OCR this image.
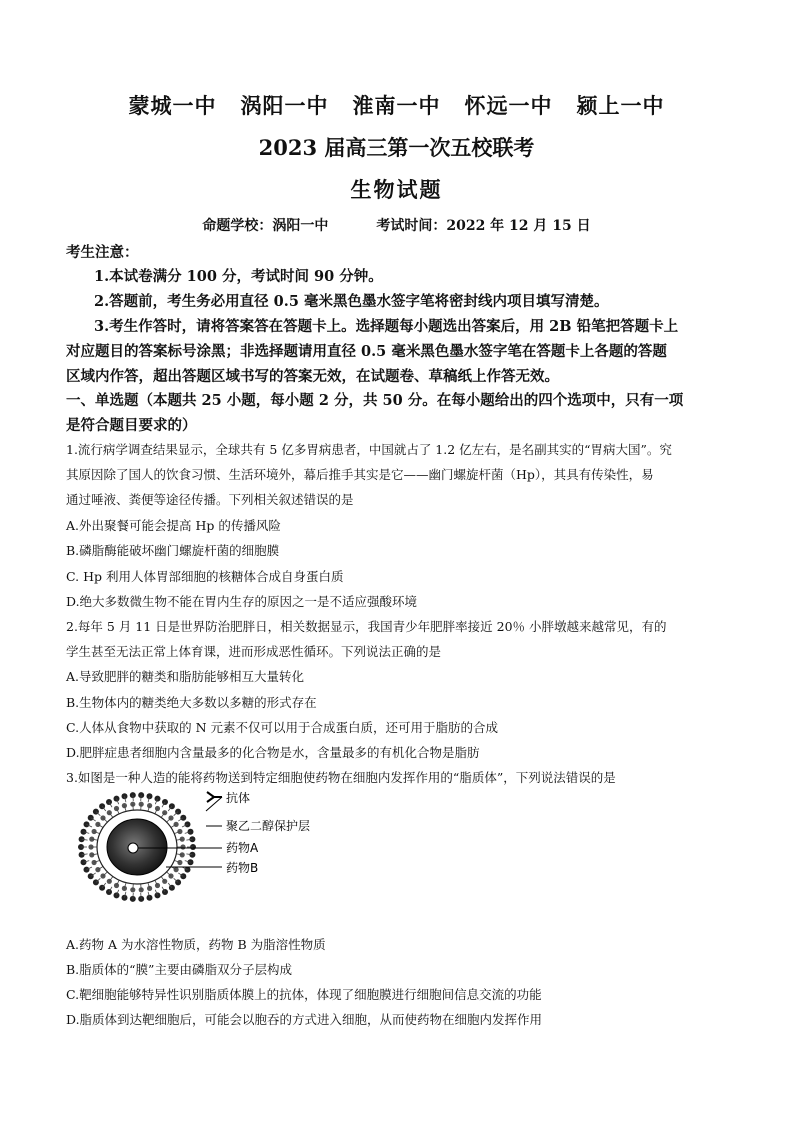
蒙城一中 涡阳一中 淮南一中 怀远一中 颍上一中
2023 届高三第一次五校联考
生物试题
命题学校：涡阳一中	考试时间：2022 年 12 月 15 日
考生注意：
1.本试卷满分 100 分，考试时间 90 分钟。
2.答题前，考生务必用直径 0.5 毫米黑色墨水签字笔将密封线内项目填写清楚。
3.考生作答时，请将答案答在答题卡上。选择题每小题选出答案后，用 2B 铅笔把答题卡上
对应题目的答案标号涂黑；非选择题请用直径 0.5 毫米黑色墨水签字笔在答题卡上各题的答题
区域内作答，超出答题区域书写的答案无效，在试题卷、草稿纸上作答无效。
一、单选题（本题共 25 小题，每小题 2 分，共 50 分。在每小题给出的四个选项中，只有一项
是符合题目要求的）
1.流行病学调查结果显示，全球共有 5 亿多胃病患者，中国就占了 1.2 亿左右，是名副其实的“胃病大国”。究
其原因除了国人的饮食习惯、生活环境外，幕后推手其实是它——幽门螺旋杆菌（Hp），其具有传染性，易
通过唾液、粪便等途径传播。下列相关叙述错误的是
A.外出聚餐可能会提高 Hp 的传播风险
B.磷脂酶能破坏幽门螺旋杆菌的细胞膜
C. Hp 利用人体胃部细胞的核糖体合成自身蛋白质
D.绝大多数微生物不能在胃内生存的原因之一是不适应强酸环境
2.每年 5 月 11 日是世界防治肥胖日，相关数据显示，我国青少年肥胖率接近 20％ 小胖墩越来越常见，有的
学生甚至无法正常上体育课，进而形成恶性循环。下列说法正确的是
A.导致肥胖的糖类和脂肪能够相互大量转化
B.生物体内的糖类绝大多数以多糖的形式存在
C.人体从食物中获取的 N 元素不仅可以用于合成蛋白质，还可用于脂肪的合成
D.肥胖症患者细胞内含量最多的化合物是水，含量最多的有机化合物是脂肪
3.如图是一种人造的能将药物送到特定细胞使药物在细胞内发挥作用的“脂质体”，下列说法错误的是
抗体
聚乙二醇保护层
药物A
药物B
A.药物 A 为水溶性物质，药物 B 为脂溶性物质
B.脂质体的“膜”主要由磷脂双分子层构成
C.靶细胞能够特异性识别脂质体膜上的抗体，体现了细胞膜进行细胞间信息交流的功能
D.脂质体到达靶细胞后，可能会以胞吞的方式进入细胞，从而使药物在细胞内发挥作用
